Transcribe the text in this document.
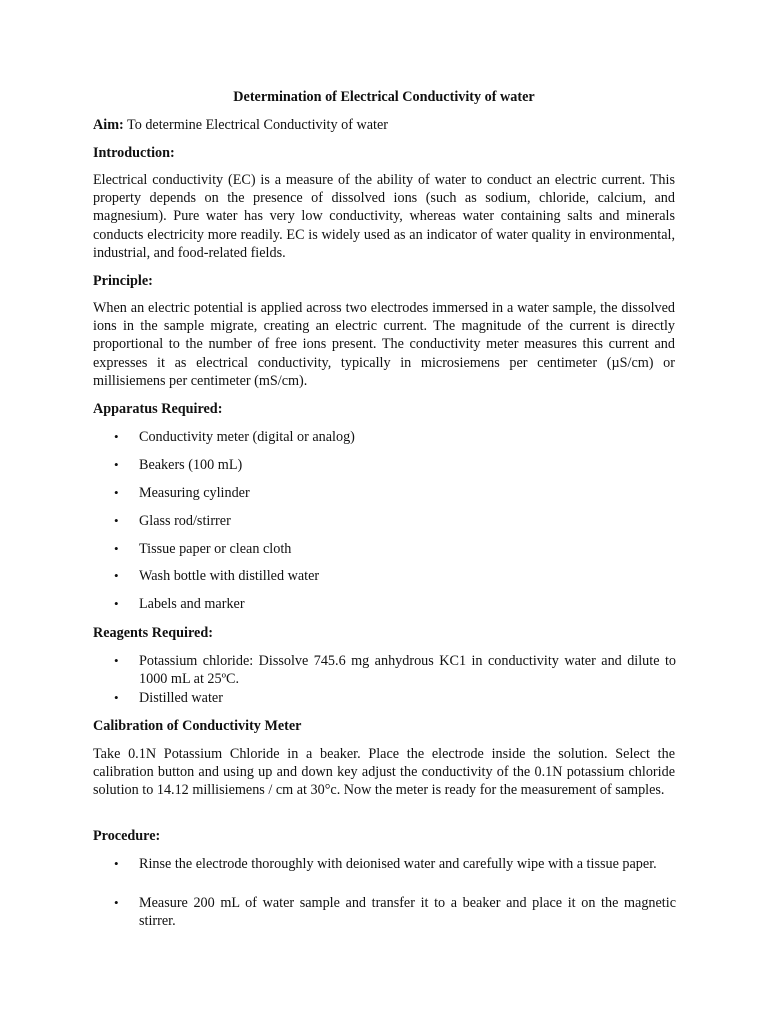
Determination of Electrical Conductivity of water
Aim: To determine Electrical Conductivity of water
Introduction:
Electrical conductivity (EC) is a measure of the ability of water to conduct an electric current. This property depends on the presence of dissolved ions (such as sodium, chloride, calcium, and magnesium). Pure water has very low conductivity, whereas water containing salts and minerals conducts electricity more readily. EC is widely used as an indicator of water quality in environmental, industrial, and food-related fields.
Principle:
When an electric potential is applied across two electrodes immersed in a water sample, the dissolved ions in the sample migrate, creating an electric current. The magnitude of the current is directly proportional to the number of free ions present. The conductivity meter measures this current and expresses it as electrical conductivity, typically in microsiemens per centimeter (µS/cm) or millisiemens per centimeter (mS/cm).
Apparatus Required:
• Conductivity meter (digital or analog)
• Beakers (100 mL)
• Measuring cylinder
• Glass rod/stirrer
• Tissue paper or clean cloth
• Wash bottle with distilled water
• Labels and marker
Reagents Required:
• Potassium chloride: Dissolve 745.6 mg anhydrous KC1 in conductivity water and dilute to 1000 mL at 25ºC.
• Distilled water
Calibration of Conductivity Meter
Take 0.1N Potassium Chloride in a beaker. Place the electrode inside the solution. Select the calibration button and using up and down key adjust the conductivity of the 0.1N potassium chloride solution to 14.12 millisiemens / cm at 30°c. Now the meter is ready for the measurement of samples.
Procedure:
• Rinse the electrode thoroughly with deionised water and carefully wipe with a tissue paper.
• Measure 200 mL of water sample and transfer it to a beaker and place it on the magnetic stirrer.
